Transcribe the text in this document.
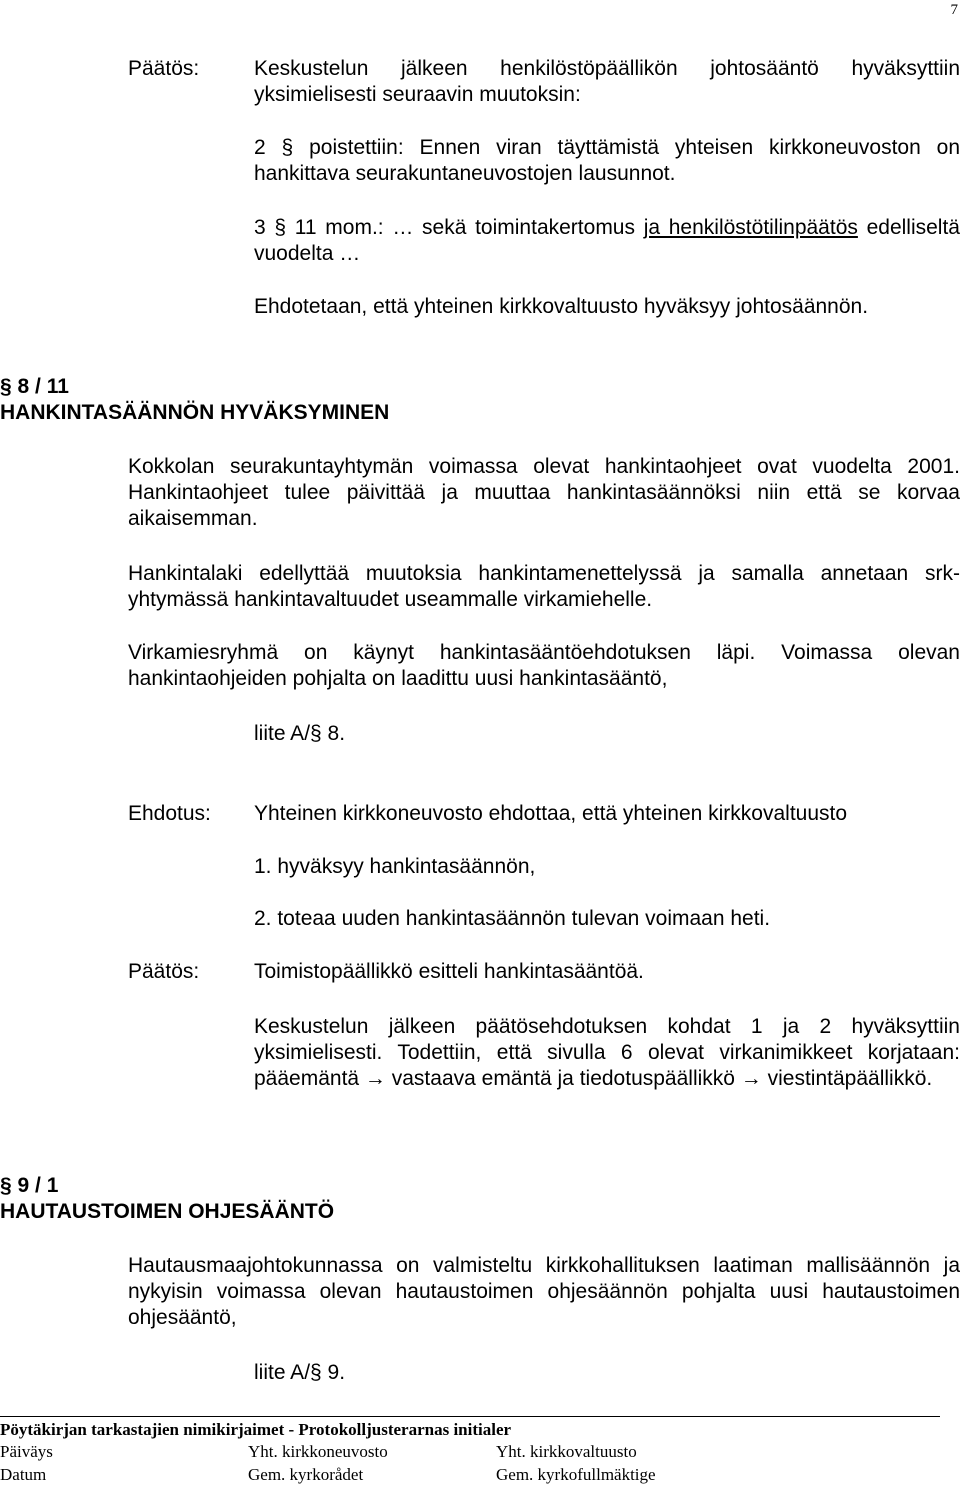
7
Päätös:	Keskustelun jälkeen henkilöstöpäällikön johtosääntö hyväksyttiin yksimielisesti seuraavin muutoksin:
2 § poistettiin: Ennen viran täyttämistä yhteisen kirkkoneuvoston on hankittava seurakuntaneuvostojen lausunnot.
3 § 11 mom.: … sekä toimintakertomus ja henkilöstötilinpäätös edelliseltä vuodelta …
Ehdotetaan, että yhteinen kirkkovaltuusto hyväksyy johtosäännön.
§ 8 / 11
HANKINTASÄÄNNÖN HYVÄKSYMINEN
Kokkolan seurakuntayhtymän voimassa olevat hankintaohjeet ovat vuodelta 2001. Hankintaohjeet tulee päivittää ja muuttaa hankintasäännöksi niin että se korvaa aikaisemman.
Hankintalaki edellyttää muutoksia hankintamenettelyssä ja samalla annetaan srk-yhtymässä hankintavaltuudet useammalle virkamiehelle.
Virkamiesryhmä on käynyt hankintasääntöehdotuksen läpi. Voimassa olevan hankintaohjeiden pohjalta on laadittu uusi hankintasääntö,
liite A/§ 8.
Ehdotus: Yhteinen kirkkoneuvosto ehdottaa, että yhteinen kirkkovaltuusto
1. hyväksyy hankintasäännön,
2. toteaa uuden hankintasäännön tulevan voimaan heti.
Päätös:	Toimistopäällikkö esitteli hankintasääntöä.
Keskustelun jälkeen päätösehdotuksen kohdat 1 ja 2 hyväksyttiin yksimielisesti. Todettiin, että sivulla 6 olevat virkanimikkeet korjataan: pääemäntä → vastaava emäntä ja tiedotuspäällikkö → viestintäpäällikkö.
§ 9 / 1
HAUTAUSTOIMEN OHJESÄÄNTÖ
Hautausmaajohtokunnassa on valmisteltu kirkkohallituksen laatiman mallisäännön ja nykyisin voimassa olevan hautaustoimen ohjesäännön pohjalta uusi hautaustoimen ohjesääntö,
liite A/§ 9.
Pöytäkirjan tarkastajien nimikirjaimet - Protokolljusterarnas initialer
Päiväys
Datum
Yht. kirkkoneuvosto
Gem. kyrkorådet
Yht. kirkkovaltuusto
Gem. kyrkofullmäktige
